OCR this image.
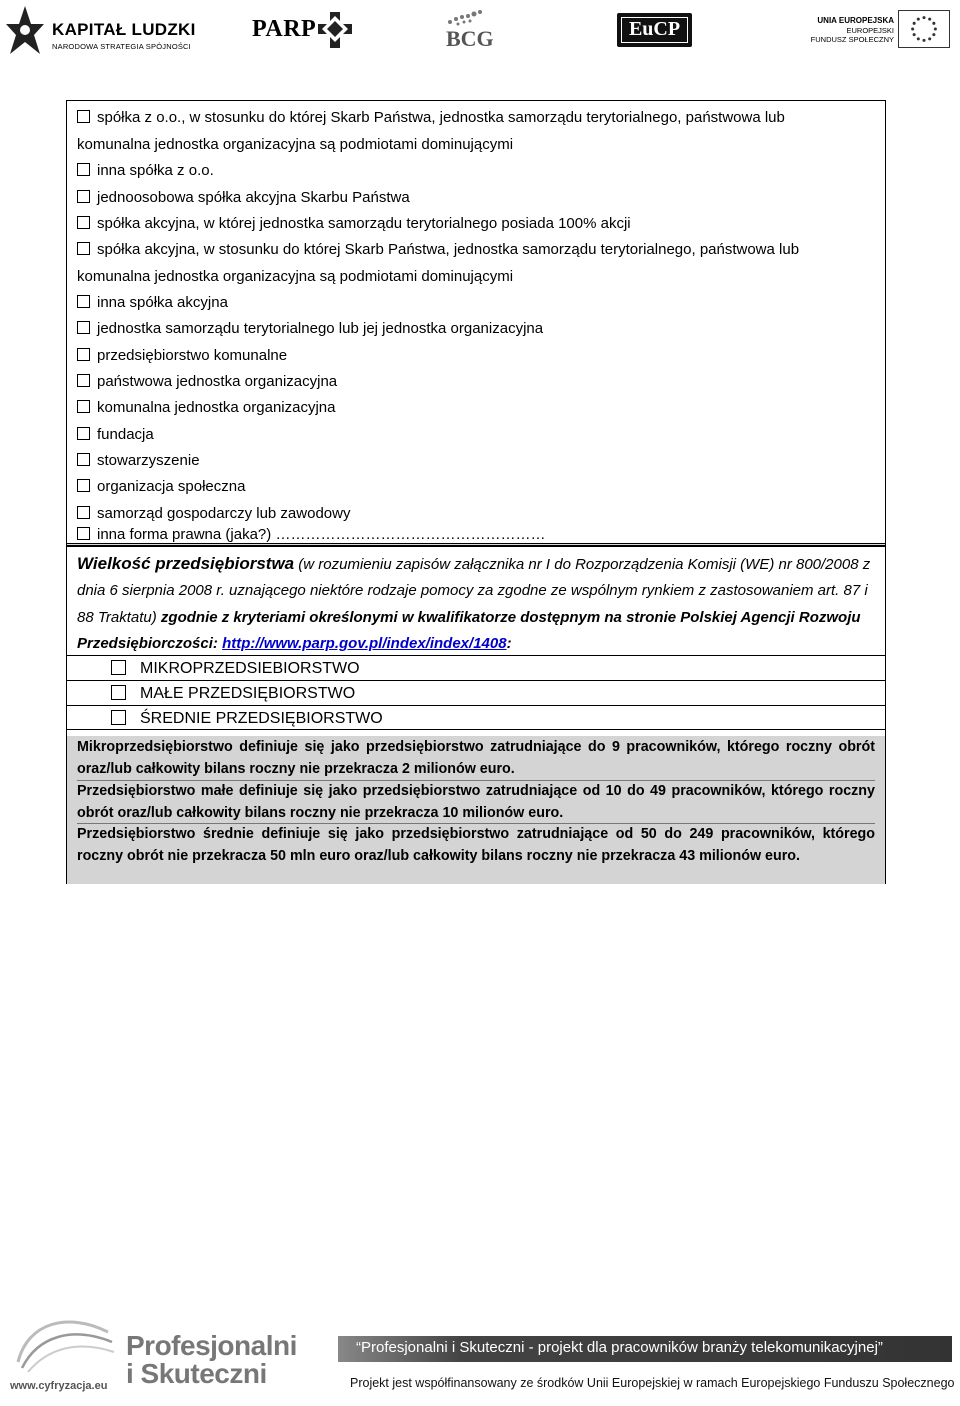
KAPITAŁ LUDZKI
NARODOWA STRATEGIA SPÓJNOŚCI
PARP	BCG	EuCP	UNIA EUROPEJSKA
EUROPEJSKI
FUNDUSZ SPOŁECZNY
spółka z o.o., w stosunku do której Skarb Państwa, jednostka samorządu terytorialnego, państwowa lub
komunalna jednostka organizacyjna są podmiotami dominującymi
inna spółka z o.o.
jednoosobowa spółka akcyjna Skarbu Państwa
spółka akcyjna, w której jednostka samorządu terytorialnego posiada 100% akcji
spółka akcyjna, w stosunku do której Skarb Państwa, jednostka samorządu terytorialnego, państwowa lub
komunalna jednostka organizacyjna są podmiotami dominującymi
inna spółka akcyjna
jednostka samorządu terytorialnego lub jej jednostka organizacyjna
przedsiębiorstwo komunalne
państwowa jednostka organizacyjna
komunalna jednostka organizacyjna
fundacja
stowarzyszenie
organizacja społeczna
samorząd gospodarczy lub zawodowy
inna forma prawna (jaka?) ………………………………………………
Wielkość przedsiębiorstwa (w rozumieniu zapisów załącznika nr I do Rozporządzenia Komisji (WE) nr 800/2008 z dnia 6 sierpnia 2008 r. uznającego niektóre rodzaje pomocy za zgodne ze wspólnym rynkiem z zastosowaniem art. 87 i 88 Traktatu) zgodnie z kryteriami określonymi w kwalifikatorze dostępnym na stronie Polskiej Agencji Rozwoju Przedsiębiorczości: http://www.parp.gov.pl/index/index/1408:
MIKROPRZEDSIEBIORSTWO
MAŁE PRZEDSIĘBIORSTWO
ŚREDNIE PRZEDSIĘBIORSTWO
Mikroprzedsiębiorstwo definiuje się jako przedsiębiorstwo zatrudniające do 9 pracowników, którego roczny obrót oraz/lub całkowity bilans roczny nie przekracza 2 milionów euro.
Przedsiębiorstwo małe definiuje się jako przedsiębiorstwo zatrudniające od 10 do 49 pracowników, którego roczny obrót oraz/lub całkowity bilans roczny nie przekracza 10 milionów euro.
Przedsiębiorstwo średnie definiuje się jako przedsiębiorstwo zatrudniające od 50 do 249 pracowników, którego roczny obrót nie przekracza 50 mln euro oraz/lub całkowity bilans roczny nie przekracza 43 milionów euro.
Profesjonalni
i Skuteczni
www.cyfryzacja.eu
“Profesjonalni i Skuteczni - projekt dla pracowników branży telekomunikacyjnej”
Projekt jest współfinansowany ze środków Unii Europejskiej w ramach Europejskiego Funduszu Społecznego
